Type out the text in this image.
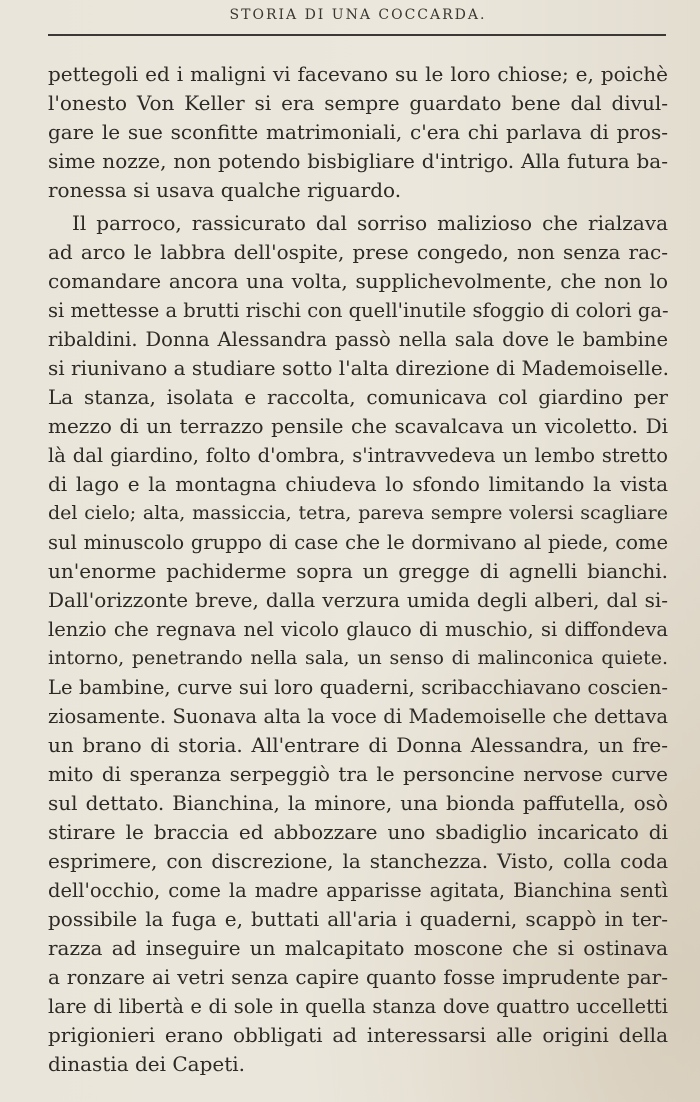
STORIA DI UNA COCCARDA.
pettegoli ed i maligni vi facevano su le loro chiose; e, poichè
l'onesto Von Keller si era sempre guardato bene dal divul-
gare le sue sconfitte matrimoniali, c'era chi parlava di pros-
sime nozze, non potendo bisbigliare d'intrigo. Alla futura ba-
ronessa si usava qualche riguardo.
Il parroco, rassicurato dal sorriso malizioso che rialzava
ad arco le labbra dell'ospite, prese congedo, non senza rac-
comandare ancora una volta, supplichevolmente, che non lo
si mettesse a brutti rischi con quell'inutile sfoggio di colori ga-
ribaldini. Donna Alessandra passò nella sala dove le bambine
si riunivano a studiare sotto l'alta direzione di Mademoiselle.
La stanza, isolata e raccolta, comunicava col giardino per
mezzo di un terrazzo pensile che scavalcava un vicoletto. Di
là dal giardino, folto d'ombra, s'intravvedeva un lembo stretto
di lago e la montagna chiudeva lo sfondo limitando la vista
del cielo; alta, massiccia, tetra, pareva sempre volersi scagliare
sul minuscolo gruppo di case che le dormivano al piede, come
un'enorme pachiderme sopra un gregge di agnelli bianchi.
Dall'orizzonte breve, dalla verzura umida degli alberi, dal si-
lenzio che regnava nel vicolo glauco di muschio, si diffondeva
intorno, penetrando nella sala, un senso di malinconica quiete.
Le bambine, curve sui loro quaderni, scribacchiavano coscien-
ziosamente. Suonava alta la voce di Mademoiselle che dettava
un brano di storia. All'entrare di Donna Alessandra, un fre-
mito di speranza serpeggiò tra le personcine nervose curve
sul dettato. Bianchina, la minore, una bionda paffutella, osò
stirare le braccia ed abbozzare uno sbadiglio incaricato di
esprimere, con discrezione, la stanchezza. Visto, colla coda
dell'occhio, come la madre apparisse agitata, Bianchina sentì
possibile la fuga e, buttati all'aria i quaderni, scappò in ter-
razza ad inseguire un malcapitato moscone che si ostinava
a ronzare ai vetri senza capire quanto fosse imprudente par-
lare di libertà e di sole in quella stanza dove quattro uccelletti
prigionieri erano obbligati ad interessarsi alle origini della
dinastia dei Capeti.
